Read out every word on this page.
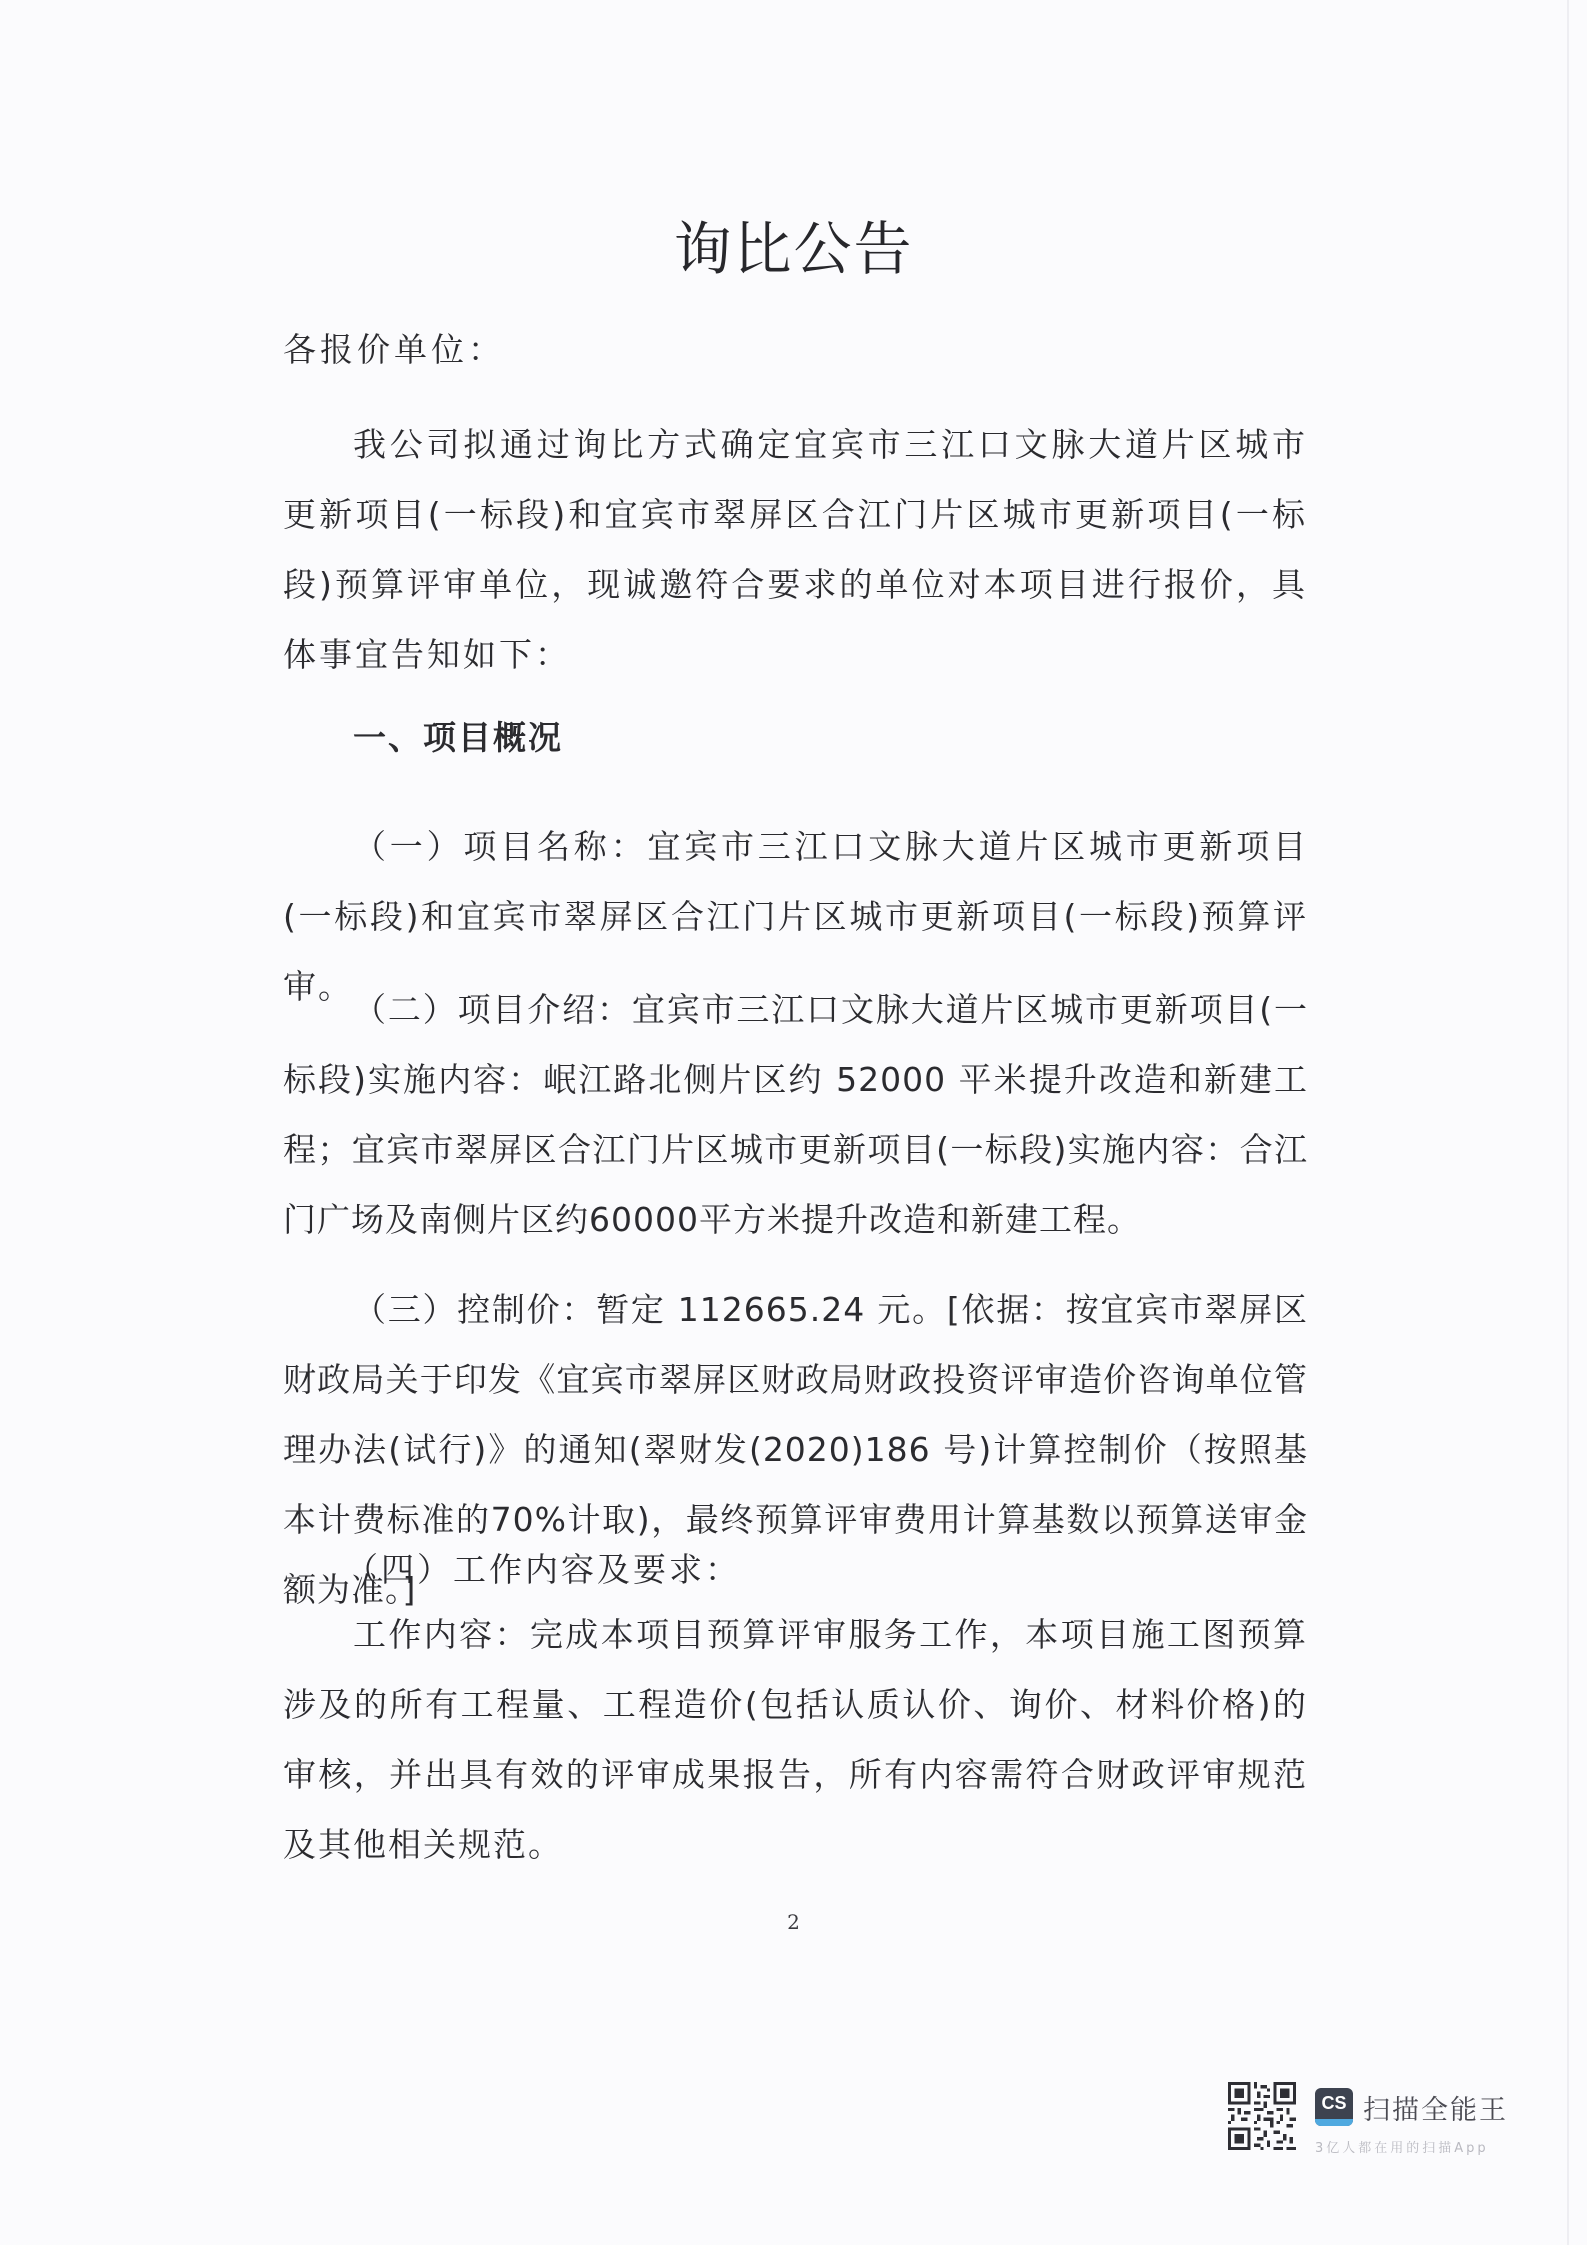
询比公告
各报价单位：
我公司拟通过询比方式确定宜宾市三江口文脉大道片区城市更新项目(一标段)和宜宾市翠屏区合江门片区城市更新项目(一标段)预算评审单位，现诚邀符合要求的单位对本项目进行报价，具体事宜告知如下：
一、项目概况
（一）项目名称：宜宾市三江口文脉大道片区城市更新项目(一标段)和宜宾市翠屏区合江门片区城市更新项目(一标段)预算评审。
（二）项目介绍：宜宾市三江口文脉大道片区城市更新项目(一标段)实施内容：岷江路北侧片区约 52000 平米提升改造和新建工程；宜宾市翠屏区合江门片区城市更新项目(一标段)实施内容：合江门广场及南侧片区约60000平方米提升改造和新建工程。
（三）控制价：暂定 112665.24 元。[依据：按宜宾市翠屏区财政局关于印发《宜宾市翠屏区财政局财政投资评审造价咨询单位管理办法(试行)》的通知(翠财发(2020)186 号)计算控制价（按照基本计费标准的70%计取)，最终预算评审费用计算基数以预算送审金额为准。]
（四）工作内容及要求：
工作内容：完成本项目预算评审服务工作，本项目施工图预算涉及的所有工程量、工程造价(包括认质认价、询价、材料价格)的审核，并出具有效的评审成果报告，所有内容需符合财政评审规范及其他相关规范。
2
CS 扫描全能王
3亿人都在用的扫描App
